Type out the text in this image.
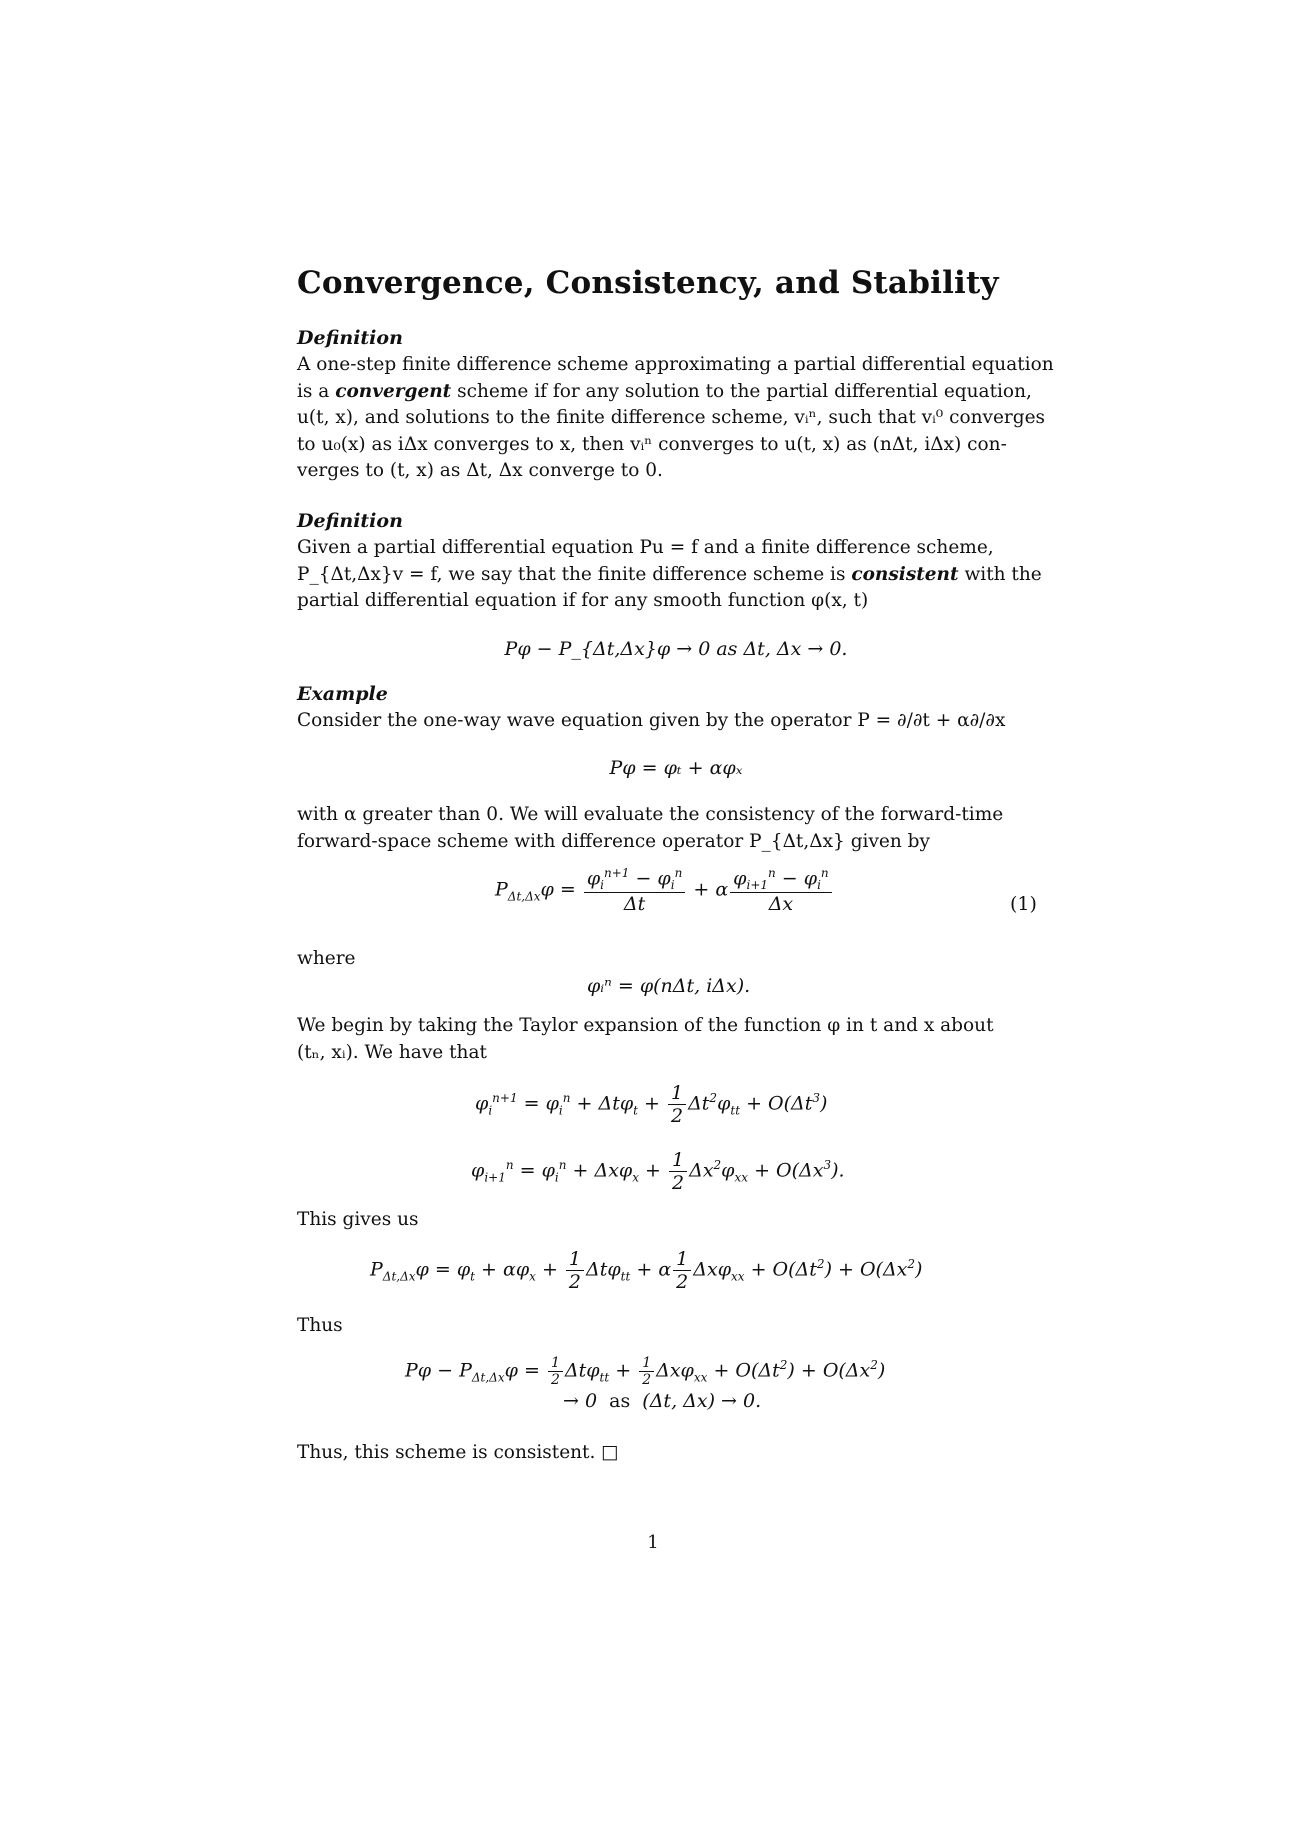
Convergence, Consistency, and Stability
Definition

A one-step finite difference scheme approximating a partial differential equation
is a convergent scheme if for any solution to the partial differential equation,
u(t, x), and solutions to the finite difference scheme, vᵢⁿ, such that vᵢ⁰ converges
to u₀(x) as iΔx converges to x, then vᵢⁿ converges to u(t, x) as (nΔt, iΔx) con-
verges to (t, x) as Δt, Δx converge to 0.

Definition

Given a partial differential equation Pu = f and a finite difference scheme,
P_{Δt,Δx}v = f, we say that the finite difference scheme is consistent with the
partial differential equation if for any smooth function φ(x, t)

Pφ − P_{Δt,Δx}φ → 0 as Δt, Δx → 0.
Example

Consider the one-way wave equation given by the operator P = ∂/∂t + α∂/∂x

Pφ = φₜ + αφₓ

with α greater than 0. We will evaluate the consistency of the forward-time
forward-space scheme with difference operator P_{Δt,Δx} given by

$P_{\Delta t,\Delta x}\varphi = \frac{\varphi_i^{n+1} - \varphi_i^n}{\Delta t} + \alpha \frac{\varphi_{i+1}^n - \varphi_i^n}{\Delta x}$	(1)

where

φᵢⁿ = φ(nΔt, iΔx).

We begin by taking the Taylor expansion of the function φ in t and x about
(tₙ, xᵢ). We have that

$\varphi_i^{n+1} = \varphi_i^n + \Delta t\varphi_t + \frac{1}{2} \Delta t^2\varphi_{tt} + O(\Delta t^3)$
$\varphi_{i+1}^n = \varphi_i^n + \Delta x\varphi_x + \frac{1}{2} \Delta x^2\varphi_{xx} + O(\Delta x^3)$.

This gives us

$P_{\Delta t,\Delta x}\varphi = \varphi_t + \alpha\varphi_x + \frac{1}{2} \Delta t\varphi_{tt} + \alpha \frac{1}{2} \Delta x\varphi_{xx} + O(\Delta t^2) + O(\Delta x^2)$

Thus

$P\varphi - P_{\Delta t,\Delta x}\varphi = \frac{1}{2} \Delta t\varphi_{tt} + \frac{1}{2} \Delta x\varphi_{xx} + O(\Delta t^2) + O(\Delta x^2)$
→ 0  as  (Δt, Δx) → 0.

Thus, this scheme is consistent. □

1
